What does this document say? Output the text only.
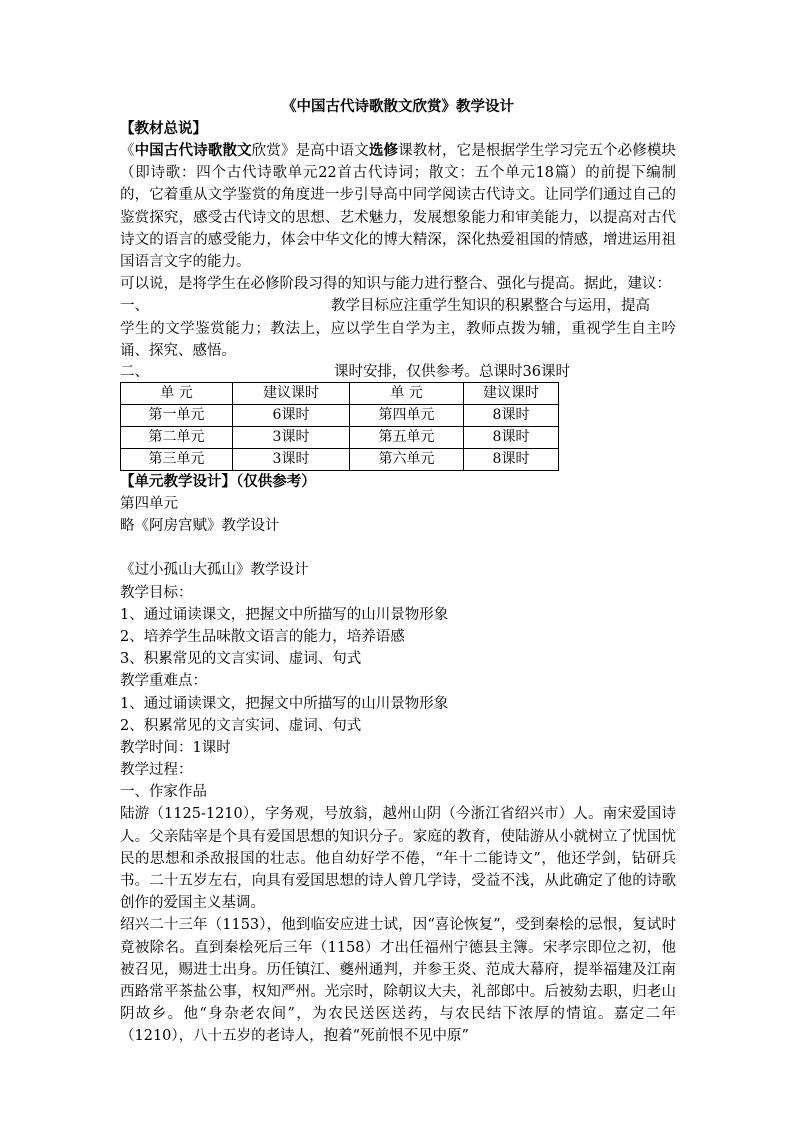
《中国古代诗歌散文欣赏》教学设计
【教材总说】

《中国古代诗歌散文欣赏》是高中语文选修课教材，它是根据学生学习完五个必修模块（即诗歌：四个古代诗歌单元22首古代诗词；散文：五个单元18篇）的前提下编制的，它着重从文学鉴赏的角度进一步引导高中同学阅读古代诗文。让同学们通过自己的鉴赏探究，感受古代诗文的思想、艺术魅力，发展想象能力和审美能力，以提高对古代诗文的语言的感受能力，体会中华文化的博大精深，深化热爱祖国的情感，增进运用祖国语言文字的能力。

可以说，是将学生在必修阶段习得的知识与能力进行整合、强化与提高。据此，建议：

一、	教学目标应注重学生知识的积累整合与运用，提高

学生的文学鉴赏能力；教法上，应以学生自学为主，教师点拨为辅，重视学生自主吟诵、探究、感悟。

二、	课时安排，仅供参考。总课时36课时
单 元	建议课时	单 元	建议课时
第一单元	6课时	第四单元	8课时
第二单元	3课时	第五单元	8课时
第三单元	3课时	第六单元	8课时
【单元教学设计】（仅供参考）
第四单元
略《阿房宫赋》教学设计
《过小孤山大孤山》教学设计
教学目标：
1、通过诵读课文，把握文中所描写的山川景物形象
2、培养学生品味散文语言的能力，培养语感
3、积累常见的文言实词、虚词、句式
教学重难点：
1、通过诵读课文，把握文中所描写的山川景物形象
2、积累常见的文言实词、虚词、句式
教学时间：1课时
教学过程：
一、作家作品

陆游（1125-1210），字务观，号放翁，越州山阴（今浙江省绍兴市）人。南宋爱国诗人。父亲陆宰是个具有爱国思想的知识分子。家庭的教育，使陆游从小就树立了忧国忧民的思想和杀敌报国的壮志。他自幼好学不倦，“年十二能诗文”，他还学剑，钻研兵书。二十五岁左右，向具有爱国思想的诗人曾几学诗，受益不浅，从此确定了他的诗歌创作的爱国主义基调。

绍兴二十三年（1153），他到临安应进士试，因“喜论恢复”，受到秦桧的忌恨，复试时竟被除名。直到秦桧死后三年（1158）才出任福州宁德县主簿。宋孝宗即位之初，他被召见，赐进士出身。历任镇江、夔州通判，并参王炎、范成大幕府，提举福建及江南西路常平茶盐公事，权知严州。光宗时，除朝议大夫，礼部郎中。后被劾去职，归老山阴故乡。他“身杂老农间”，为农民送医送药，与农民结下浓厚的情谊。嘉定二年（1210），八十五岁的老诗人，抱着“死前恨不见中原”
